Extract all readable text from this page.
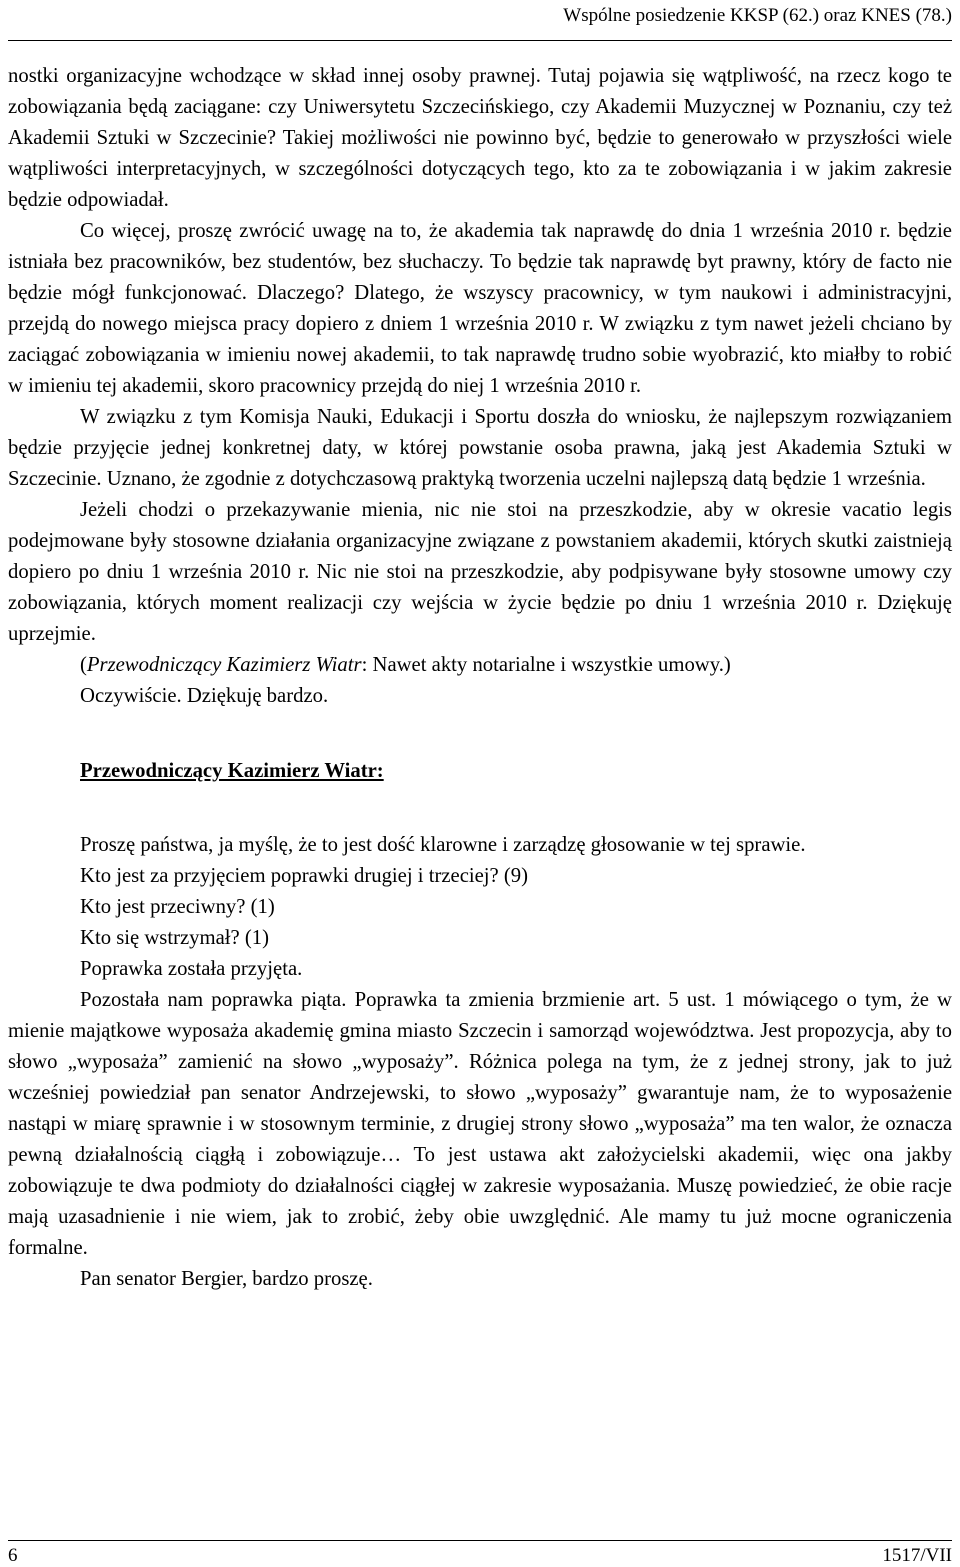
Wspólne posiedzenie KKSP (62.) oraz KNES (78.)

nostki organizacyjne wchodzące w skład innej osoby prawnej. Tutaj pojawia się wątpliwość, na rzecz kogo te zobowiązania będą zaciągane: czy Uniwersytetu Szczecińskiego, czy Akademii Muzycznej w Poznaniu, czy też Akademii Sztuki w Szczecinie? Takiej możliwości nie powinno być, będzie to generowało w przyszłości wiele wątpliwości interpretacyjnych, w szczególności dotyczących tego, kto za te zobowiązania i w jakim zakresie będzie odpowiadał.

Co więcej, proszę zwrócić uwagę na to, że akademia tak naprawdę do dnia 1 września 2010 r. będzie istniała bez pracowników, bez studentów, bez słuchaczy. To będzie tak naprawdę byt prawny, który de facto nie będzie mógł funkcjonować. Dlaczego? Dlatego, że wszyscy pracownicy, w tym naukowi i administracyjni, przejdą do nowego miejsca pracy dopiero z dniem 1 września 2010 r. W związku z tym nawet jeżeli chciano by zaciągać zobowiązania w imieniu nowej akademii, to tak naprawdę trudno sobie wyobrazić, kto miałby to robić w imieniu tej akademii, skoro pracownicy przejdą do niej 1 września 2010 r.

W związku z tym Komisja Nauki, Edukacji i Sportu doszła do wniosku, że najlepszym rozwiązaniem będzie przyjęcie jednej konkretnej daty, w której powstanie osoba prawna, jaką jest Akademia Sztuki w Szczecinie. Uznano, że zgodnie z dotychczasową praktyką tworzenia uczelni najlepszą datą będzie 1 września.

Jeżeli chodzi o przekazywanie mienia, nic nie stoi na przeszkodzie, aby w okresie vacatio legis podejmowane były stosowne działania organizacyjne związane z powstaniem akademii, których skutki zaistnieją dopiero po dniu 1 września 2010 r. Nic nie stoi na przeszkodzie, aby podpisywane były stosowne umowy czy zobowiązania, których moment realizacji czy wejścia w życie będzie po dniu 1 września 2010 r. Dziękuję uprzejmie.

(Przewodniczący Kazimierz Wiatr: Nawet akty notarialne i wszystkie umowy.)

Oczywiście. Dziękuję bardzo.

Przewodniczący Kazimierz Wiatr:

Proszę państwa, ja myślę, że to jest dość klarowne i zarządzę głosowanie w tej sprawie.

Kto jest za przyjęciem poprawki drugiej i trzeciej? (9)

Kto jest przeciwny? (1)

Kto się wstrzymał? (1)

Poprawka została przyjęta.

Pozostała nam poprawka piąta. Poprawka ta zmienia brzmienie art. 5 ust. 1 mówiącego o tym, że w mienie majątkowe wyposaża akademię gmina miasto Szczecin i samorząd województwa. Jest propozycja, aby to słowo „wyposaża” zamienić na słowo „wyposaży”. Różnica polega na tym, że z jednej strony, jak to już wcześniej powiedział pan senator Andrzejewski, to słowo „wyposaży” gwarantuje nam, że to wyposażenie nastąpi w miarę sprawnie i w stosownym terminie, z drugiej strony słowo „wyposaża” ma ten walor, że oznacza pewną działalnością ciągłą i zobowiązuje… To jest ustawa akt założycielski akademii, więc ona jakby zobowiązuje te dwa podmioty do działalności ciągłej w zakresie wyposażania. Muszę powiedzieć, że obie racje mają uzasadnienie i nie wiem, jak to zrobić, żeby obie uwzględnić. Ale mamy tu już mocne ograniczenia formalne.

Pan senator Bergier, bardzo proszę.

6	1517/VII
